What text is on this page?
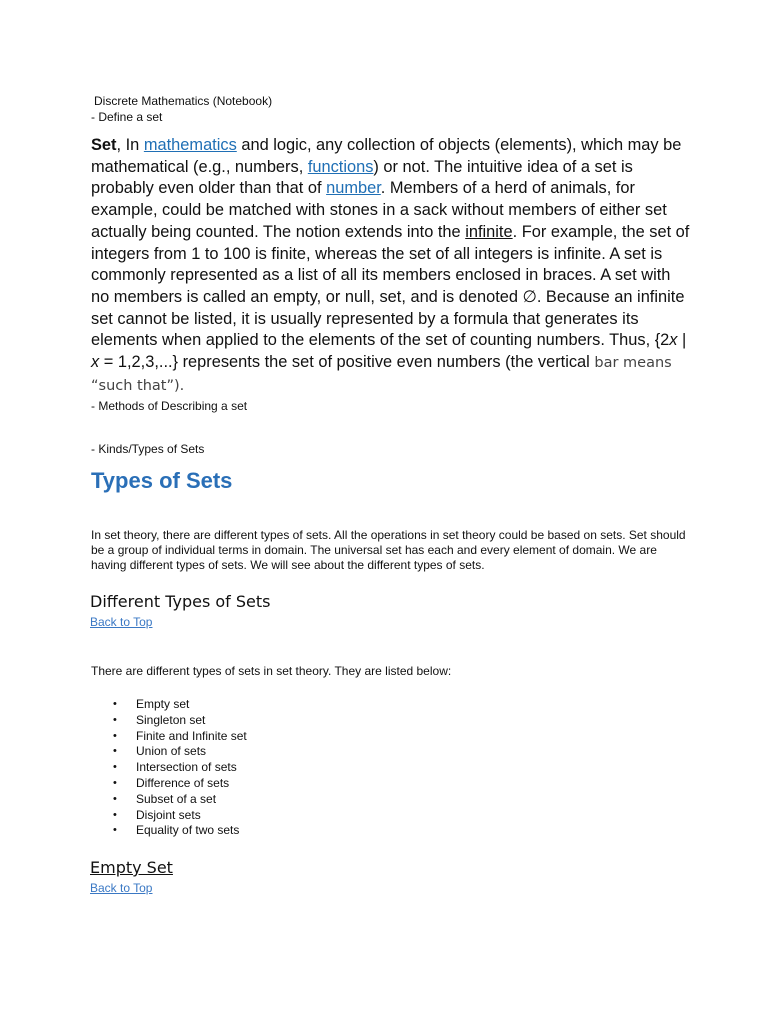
Discrete Mathematics (Notebook)
- Define a set
Set, In mathematics and logic, any collection of objects (elements), which may be mathematical (e.g., numbers, functions) or not. The intuitive idea of a set is probably even older than that of number. Members of a herd of animals, for example, could be matched with stones in a sack without members of either set actually being counted. The notion extends into the infinite. For example, the set of integers from 1 to 100 is finite, whereas the set of all integers is infinite. A set is commonly represented as a list of all its members enclosed in braces. A set with no members is called an empty, or null, set, and is denoted ∅. Because an infinite set cannot be listed, it is usually represented by a formula that generates its elements when applied to the elements of the set of counting numbers. Thus, {2x | x = 1,2,3,...} represents the set of positive even numbers (the vertical bar means “such that”).
- Methods of Describing a set
- Kinds/Types of Sets
Types of Sets
In set theory, there are different types of sets. All the operations in set theory could be based on sets. Set should be a group of individual terms in domain. The universal set has each and every element of domain. We are having different types of sets. We will see about the different types of sets.
Different Types of Sets
Back to Top
There are different types of sets in set theory. They are listed below:
• Empty set
• Singleton set
• Finite and Infinite set
• Union of sets
• Intersection of sets
• Difference of sets
• Subset of a set
• Disjoint sets
• Equality of two sets
Empty Set
Back to Top
